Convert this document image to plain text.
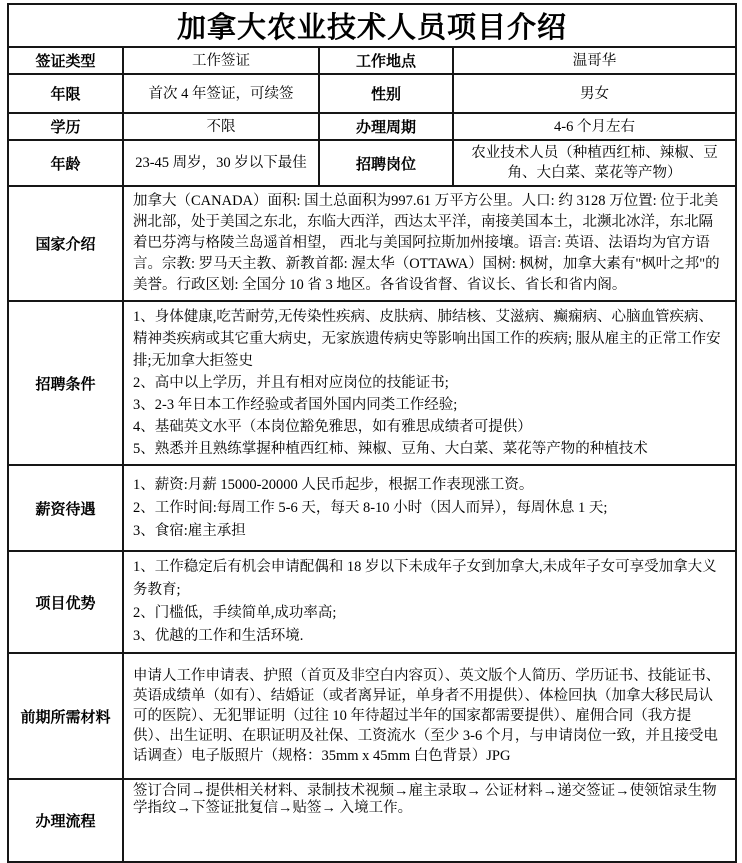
加拿大农业技术人员项目介绍			
签证类型	工作签证	工作地点	温哥华
年限	首次 4 年签证，可续签	性别	男女
学历	不限	办理周期	4-6 个月左右
年龄	23-45 周岁，30 岁以下最佳	招聘岗位	农业技术人员（种植西红柿、辣椒、豆角、大白菜、菜花等产物）
国家介绍	加拿大（CANADA）面积: 国土总面积为997.61 万平方公里。人口: 约 3128 万位置: 位于北美洲北部，处于美国之东北，东临大西洋，西达太平洋，南接美国本土，北濒北冰洋，东北隔着巴芬湾与格陵兰岛遥首相望， 西北与美国阿拉斯加州接壤。语言: 英语、法语均为官方语言。宗教: 罗马天主教、新教首都: 渥太华（OTTAWA）国树: 枫树，加拿大素有"枫叶之邦"的美誉。行政区划: 全国分 10 省 3 地区。各省设省督、省议长、省长和省内阁。		
招聘条件	1、身体健康,吃苦耐劳,无传染性疾病、皮肤病、肺结核、艾滋病、癫痫病、心脑血管疾病、精神类疾病或其它重大病史，无家族遗传病史等影响出国工作的疾病; 服从雇主的正常工作安排;无加拿大拒签史
2、高中以上学历，并且有相对应岗位的技能证书;
3、2-3 年日本工作经验或者国外国内同类工作经验;
4、基础英文水平（本岗位豁免雅思，如有雅思成绩者可提供）
5、熟悉并且熟练掌握种植西红柿、辣椒、豆角、大白菜、菜花等产物的种植技术		

薪资待遇	1、薪资:月薪 15000-20000 人民币起步，根据工作表现涨工资。
2、工作时间:每周工作 5-6 天，每天 8-10 小时（因人而异），每周休息 1 天;
3、食宿:雇主承担		

项目优势	1、工作稳定后有机会申请配偶和 18 岁以下未成年子女到加拿大,未成年子女可享受加拿大义务教育;
2、门槛低，手续简单,成功率高;
3、优越的工作和生活环境.		

前期所需材料	申请人工作申请表、护照（首页及非空白内容页）、英文版个人简历、学历证书、技能证书、英语成绩单（如有）、结婚证（或者离异证，单身者不用提供）、体检回执（加拿大移民局认可的医院）、无犯罪证明（过往 10 年待超过半年的国家都需要提供）、雇佣合同（我方提供）、出生证明、在职证明及社保、工资流水（至少 3-6 个月，与申请岗位一致，并且接受电话调查）电子版照片（规格：35mm x 45mm 白色背景）JPG		
办理流程	签订合同→提供相关材料、录制技术视频→雇主录取→ 公证材料→递交签证→使领馆录生物学指纹→下签证批复信→贴签→ 入境工作。		
